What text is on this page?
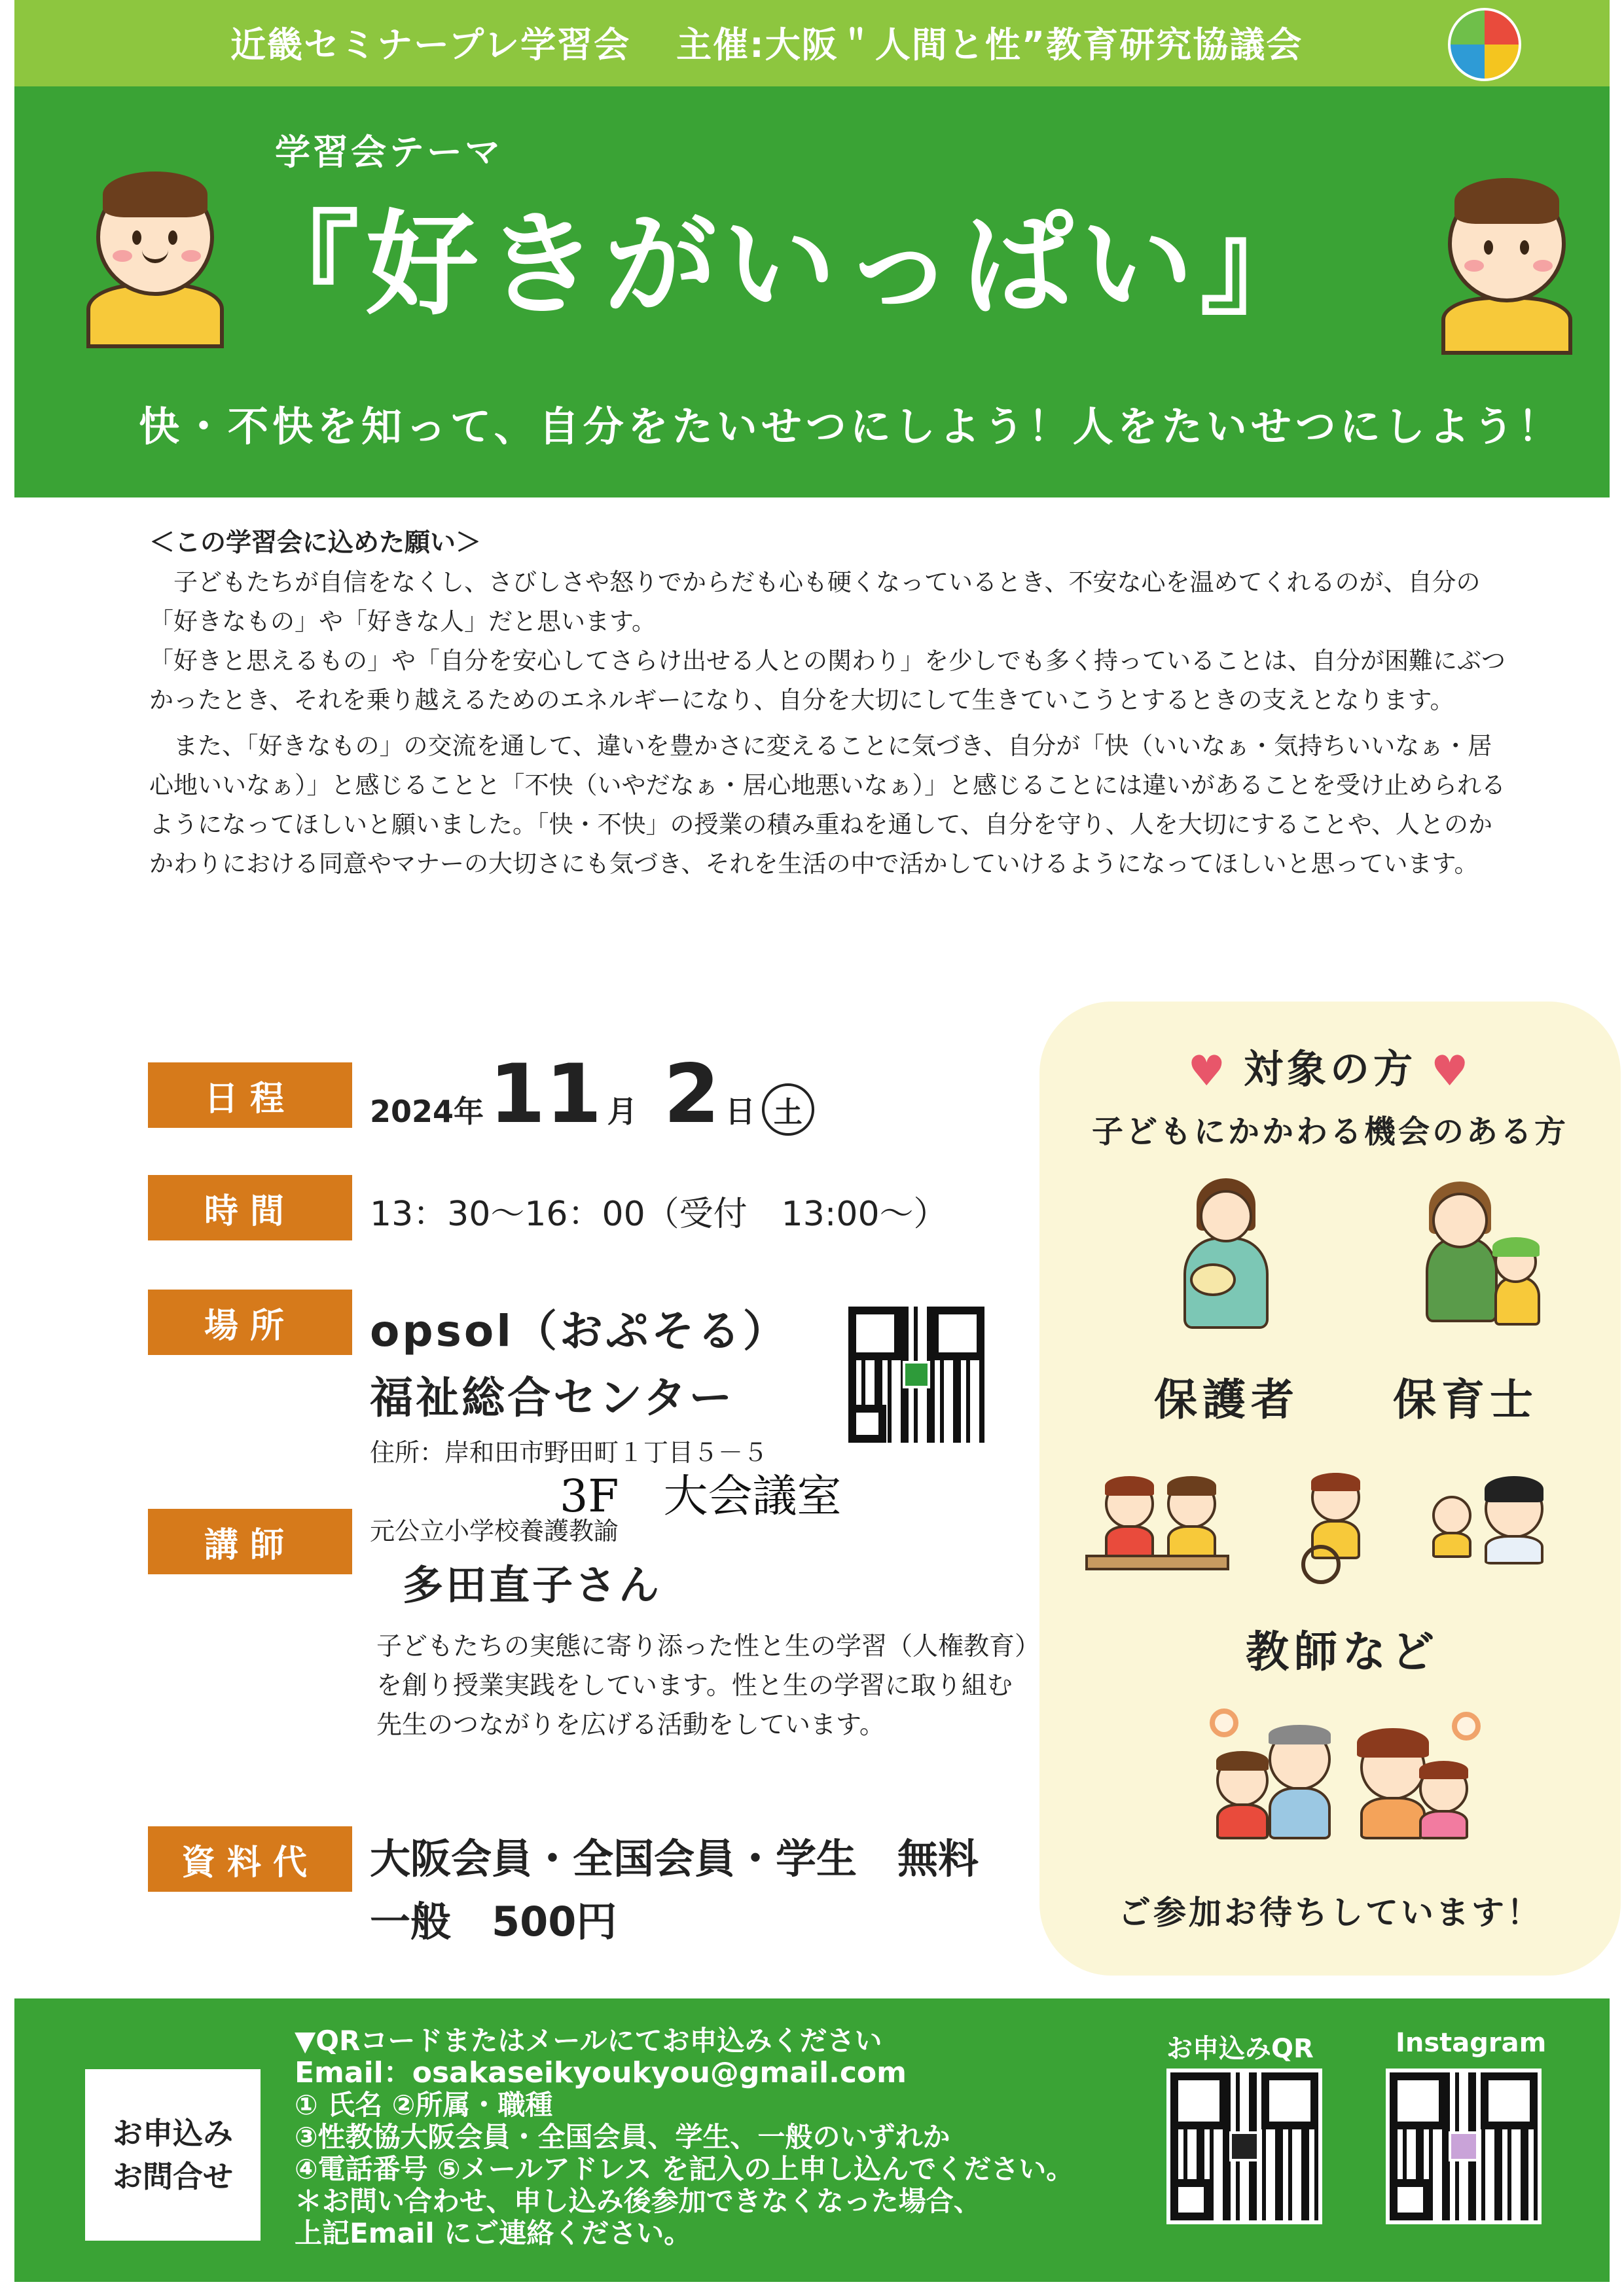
近畿セミナープレ学習会 主催:大阪＂人間と性”教育研究協議会
学習会テーマ
『好きがいっぱい』
快・不快を知って、自分をたいせつにしよう！人をたいせつにしよう！

＜この学習会に込めた願い＞

　子どもたちが自信をなくし、さびしさや怒りでからだも心も硬くなっているとき、不安な心を温めてくれるのが、自分の「好きなもの」や「好きな人」だと思います。

「好きと思えるもの」や「自分を安心してさらけ出せる人との関わり」を少しでも多く持っていることは、自分が困難にぶつかったとき、それを乗り越えるためのエネルギーになり、自分を大切にして生きていこうとするときの支えとなります。

　また、「好きなもの」の交流を通して、違いを豊かさに変えることに気づき、自分が「快（いいなぁ・気持ちいいなぁ・居心地いいなぁ）」と感じることと「不快（いやだなぁ・居心地悪いなぁ）」と感じることには違いがあることを受け止められるようになってほしいと願いました。「快・不快」の授業の積み重ねを通して、自分を守り、人を大切にすることや、人とのかかわりにおける同意やマナーの大切さにも気づき、それを生活の中で活かしていけるようになってほしいと思っています。

日程	2024年 11 月 2 日 土
時間	13：30〜16：00（受付　13:00〜）
場所	opsol（おぷそる）
福祉総合センター
住所：岸和田市野田町１丁目５－５
3F　大会議室
講師	元公立小学校養護教諭
多田直子さん
子どもたちの実態に寄り添った性と生の学習（人権教育）を創り授業実践をしています。性と生の学習に取り組む先生のつながりを広げる活動をしています。
資料代	大阪会員・全国会員・学生　無料
一般　500円
♥ 対象の方 ♥
子どもにかかわる機会のある方
保護者 保育士
教師など
ご参加お待ちしています！
お申込み
お問合せ
▼QRコードまたはメールにてお申込みください
Email：osakaseikyoukyou@gmail.com
① 氏名 ②所属・職種
③性教協大阪会員・全国会員、学生、一般のいずれか
④電話番号 ⑤メールアドレス を記入の上申し込んでください。
＊お問い合わせ、申し込み後参加できなくなった場合、
上記Email にご連絡ください。
お申込みQR	Instagram
